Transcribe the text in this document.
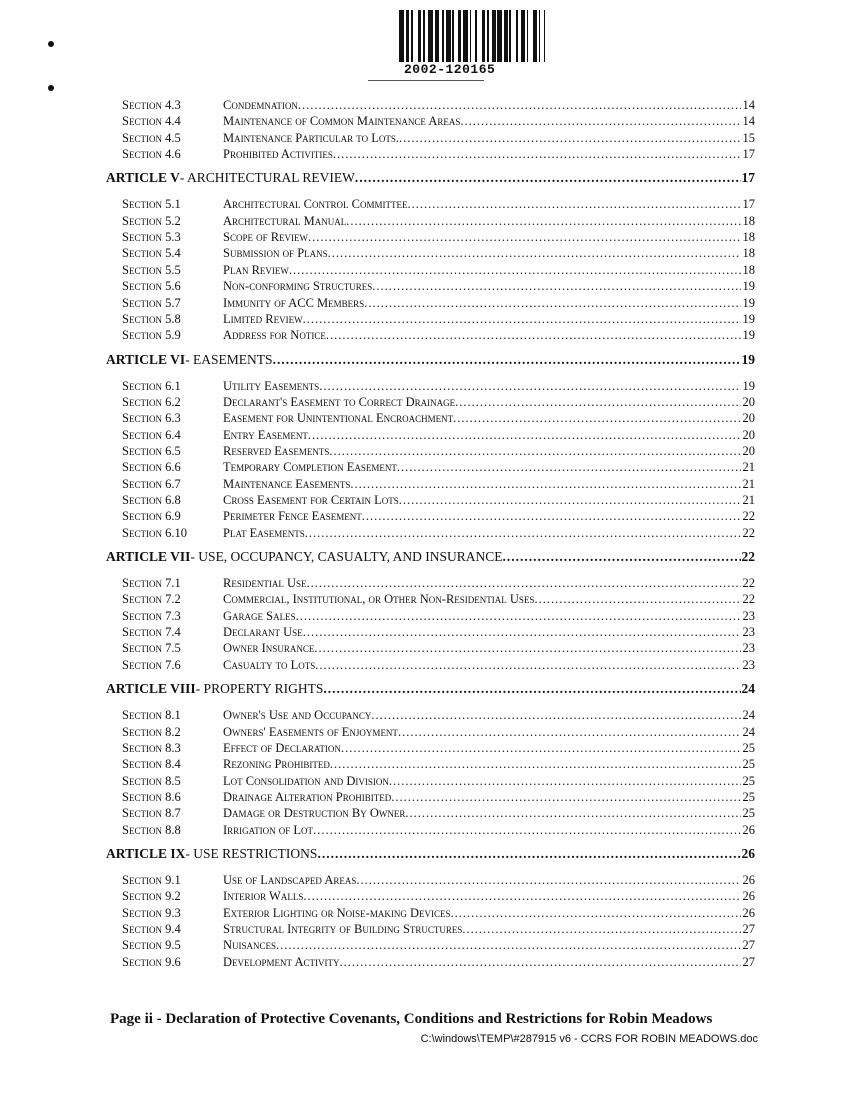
2002-120165
Section 4.3	Condemnation .....	14
Section 4.4	Maintenance of Common Maintenance Areas .....	14
Section 4.5	Maintenance Particular to Lots. .....	15
Section 4.6	Prohibited Activities .....	17
ARTICLE V - ARCHITECTURAL REVIEW .....	17
Section 5.1	Architectural Control Committee .....	17
Section 5.2	Architectural Manual .....	18
Section 5.3	Scope of Review .....	18
Section 5.4	Submission of Plans .....	18
Section 5.5	Plan Review .....	18
Section 5.6	Non-conforming Structures .....	19
Section 5.7	Immunity of ACC Members .....	19
Section 5.8	Limited Review .....	19
Section 5.9	Address for Notice .....	19
ARTICLE VI - EASEMENTS .....	19
Section 6.1	Utility Easements .....	19
Section 6.2	Declarant's Easement to Correct Drainage .....	20
Section 6.3	Easement for Unintentional Encroachment .....	20
Section 6.4	Entry Easement .....	20
Section 6.5	Reserved Easements .....	20
Section 6.6	Temporary Completion Easement .....	21
Section 6.7	Maintenance Easements .....	21
Section 6.8	Cross Easement for Certain Lots .....	21
Section 6.9	Perimeter Fence Easement .....	22
Section 6.10	Plat Easements .....	22
ARTICLE VII - USE, OCCUPANCY, CASUALTY, AND INSURANCE .....	22
Section 7.1	Residential Use .....	22
Section 7.2	Commercial, Institutional, or Other Non-Residential Uses .....	22
Section 7.3	Garage Sales .....	23
Section 7.4	Declarant Use .....	23
Section 7.5	Owner Insurance .....	23
Section 7.6	Casualty to Lots .....	23
ARTICLE VIII - PROPERTY RIGHTS .....	24
Section 8.1	Owner's Use and Occupancy .....	24
Section 8.2	Owners' Easements of Enjoyment .....	24
Section 8.3	Effect of Declaration .....	25
Section 8.4	Rezoning Prohibited .....	25
Section 8.5	Lot Consolidation and Division .....	25
Section 8.6	Drainage Alteration Prohibited .....	25
Section 8.7	Damage or Destruction By Owner .....	25
Section 8.8	Irrigation of Lot .....	26
ARTICLE IX - USE RESTRICTIONS .....	26
Section 9.1	Use of Landscaped Areas .....	26
Section 9.2	Interior Walls .....	26
Section 9.3	Exterior Lighting or Noise-making Devices .....	26
Section 9.4	Structural Integrity of Building Structures .....	27
Section 9.5	Nuisances .....	27
Section 9.6	Development Activity .....	27
Page ii - Declaration of Protective Covenants, Conditions and Restrictions for Robin Meadows
C:\windows\TEMP\#287915 v6 - CCRS FOR ROBIN MEADOWS.doc
